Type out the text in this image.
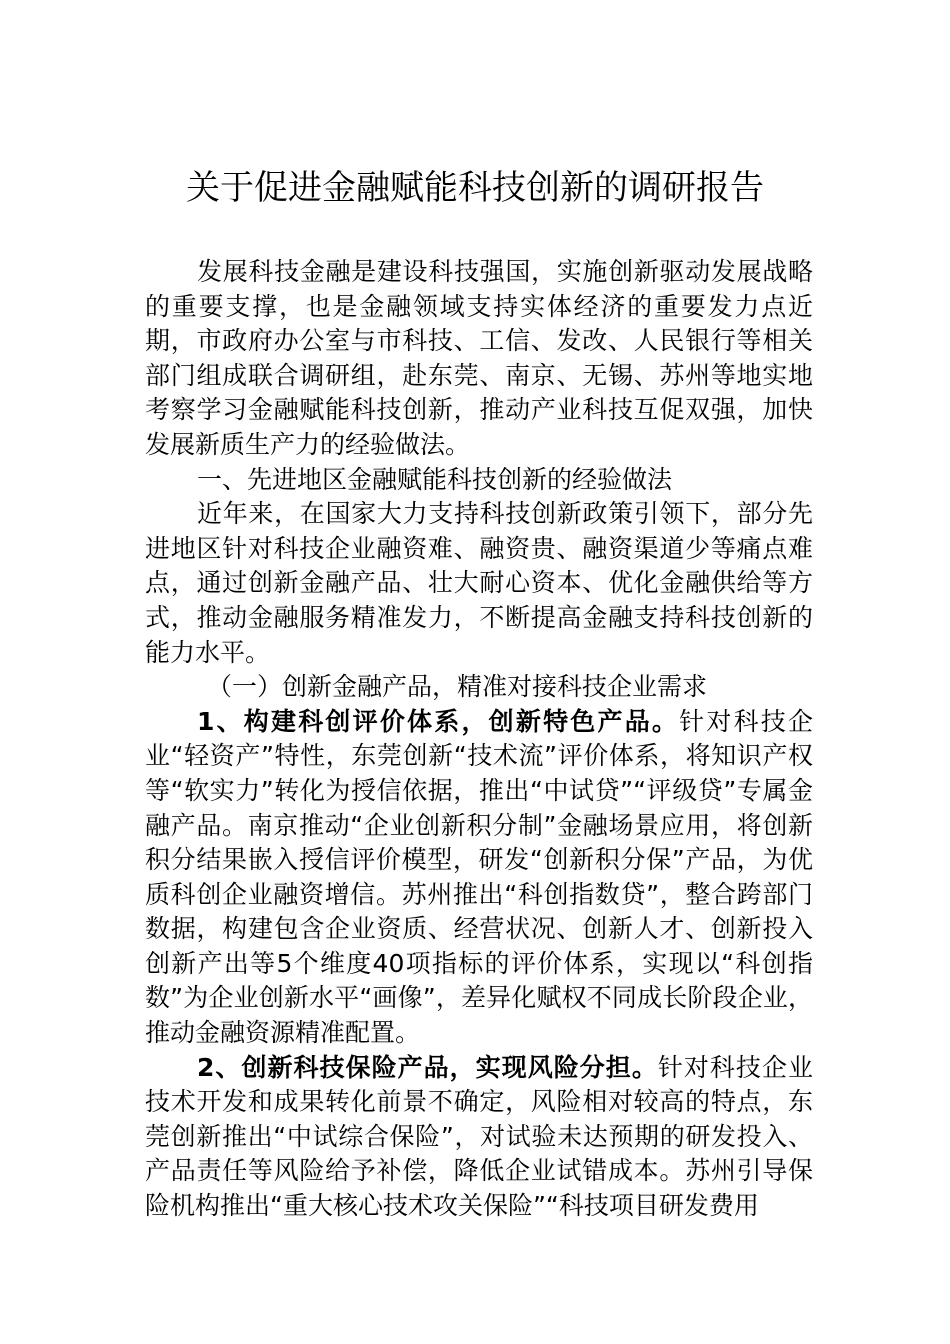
关于促进金融赋能科技创新的调研报告

发展科技金融是建设科技强国，实施创新驱动发展战略的重要支撑，也是金融领域支持实体经济的重要发力点近期，市政府办公室与市科技、工信、发改、人民银行等相关部门组成联合调研组，赴东莞、南京、无锡、苏州等地实地考察学习金融赋能科技创新，推动产业科技互促双强，加快发展新质生产力的经验做法。

一、先进地区金融赋能科技创新的经验做法

近年来，在国家大力支持科技创新政策引领下，部分先进地区针对科技企业融资难、融资贵、融资渠道少等痛点难点，通过创新金融产品、壮大耐心资本、优化金融供给等方式，推动金融服务精准发力，不断提高金融支持科技创新的能力水平。

（一）创新金融产品，精准对接科技企业需求

1、构建科创评价体系，创新特色产品。针对科技企业“轻资产”特性，东莞创新“技术流”评价体系，将知识产权等“软实力”转化为授信依据，推出“中试贷”“评级贷”专属金融产品。南京推动“企业创新积分制”金融场景应用，将创新积分结果嵌入授信评价模型，研发“创新积分保”产品，为优质科创企业融资增信。苏州推出“科创指数贷”，整合跨部门数据，构建包含企业资质、经营状况、创新人才、创新投入创新产出等5个维度40项指标的评价体系，实现以“科创指数”为企业创新水平“画像”，差异化赋权不同成长阶段企业，推动金融资源精准配置。

2、创新科技保险产品，实现风险分担。针对科技企业技术开发和成果转化前景不确定，风险相对较高的特点，东莞创新推出“中试综合保险”，对试验未达预期的研发投入、产品责任等风险给予补偿，降低企业试错成本。苏州引导保险机构推出“重大核心技术攻关保险”“科技项目研发费用
